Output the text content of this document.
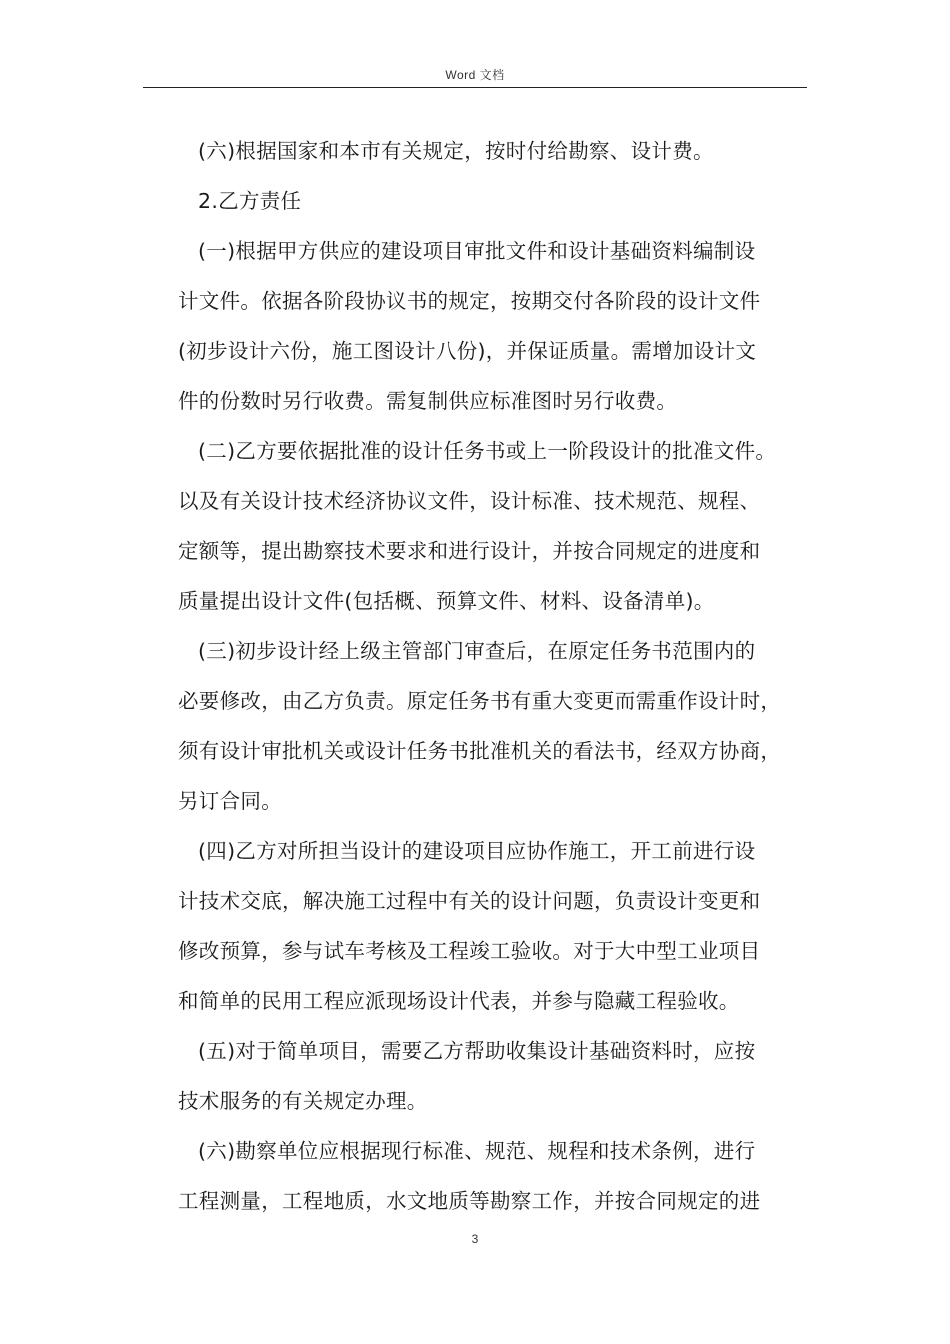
Word 文档
(六)根据国家和本市有关规定，按时付给勘察、设计费。
2.乙方责任
(一)根据甲方供应的建设项目审批文件和设计基础资料编制设
计文件。依据各阶段协议书的规定，按期交付各阶段的设计文件
(初步设计六份，施工图设计八份)，并保证质量。需增加设计文
件的份数时另行收费。需复制供应标准图时另行收费。
(二)乙方要依据批准的设计任务书或上一阶段设计的批准文件。
以及有关设计技术经济协议文件，设计标准、技术规范、规程、
定额等，提出勘察技术要求和进行设计，并按合同规定的进度和
质量提出设计文件(包括概、预算文件、材料、设备清单)。
(三)初步设计经上级主管部门审查后，在原定任务书范围内的
必要修改，由乙方负责。原定任务书有重大变更而需重作设计时，
须有设计审批机关或设计任务书批准机关的看法书，经双方协商，
另订合同。
(四)乙方对所担当设计的建设项目应协作施工，开工前进行设
计技术交底，解决施工过程中有关的设计问题，负责设计变更和
修改预算，参与试车考核及工程竣工验收。对于大中型工业项目
和简单的民用工程应派现场设计代表，并参与隐藏工程验收。
(五)对于简单项目，需要乙方帮助收集设计基础资料时，应按
技术服务的有关规定办理。
(六)勘察单位应根据现行标准、规范、规程和技术条例，进行
工程测量，工程地质，水文地质等勘察工作，并按合同规定的进
3
